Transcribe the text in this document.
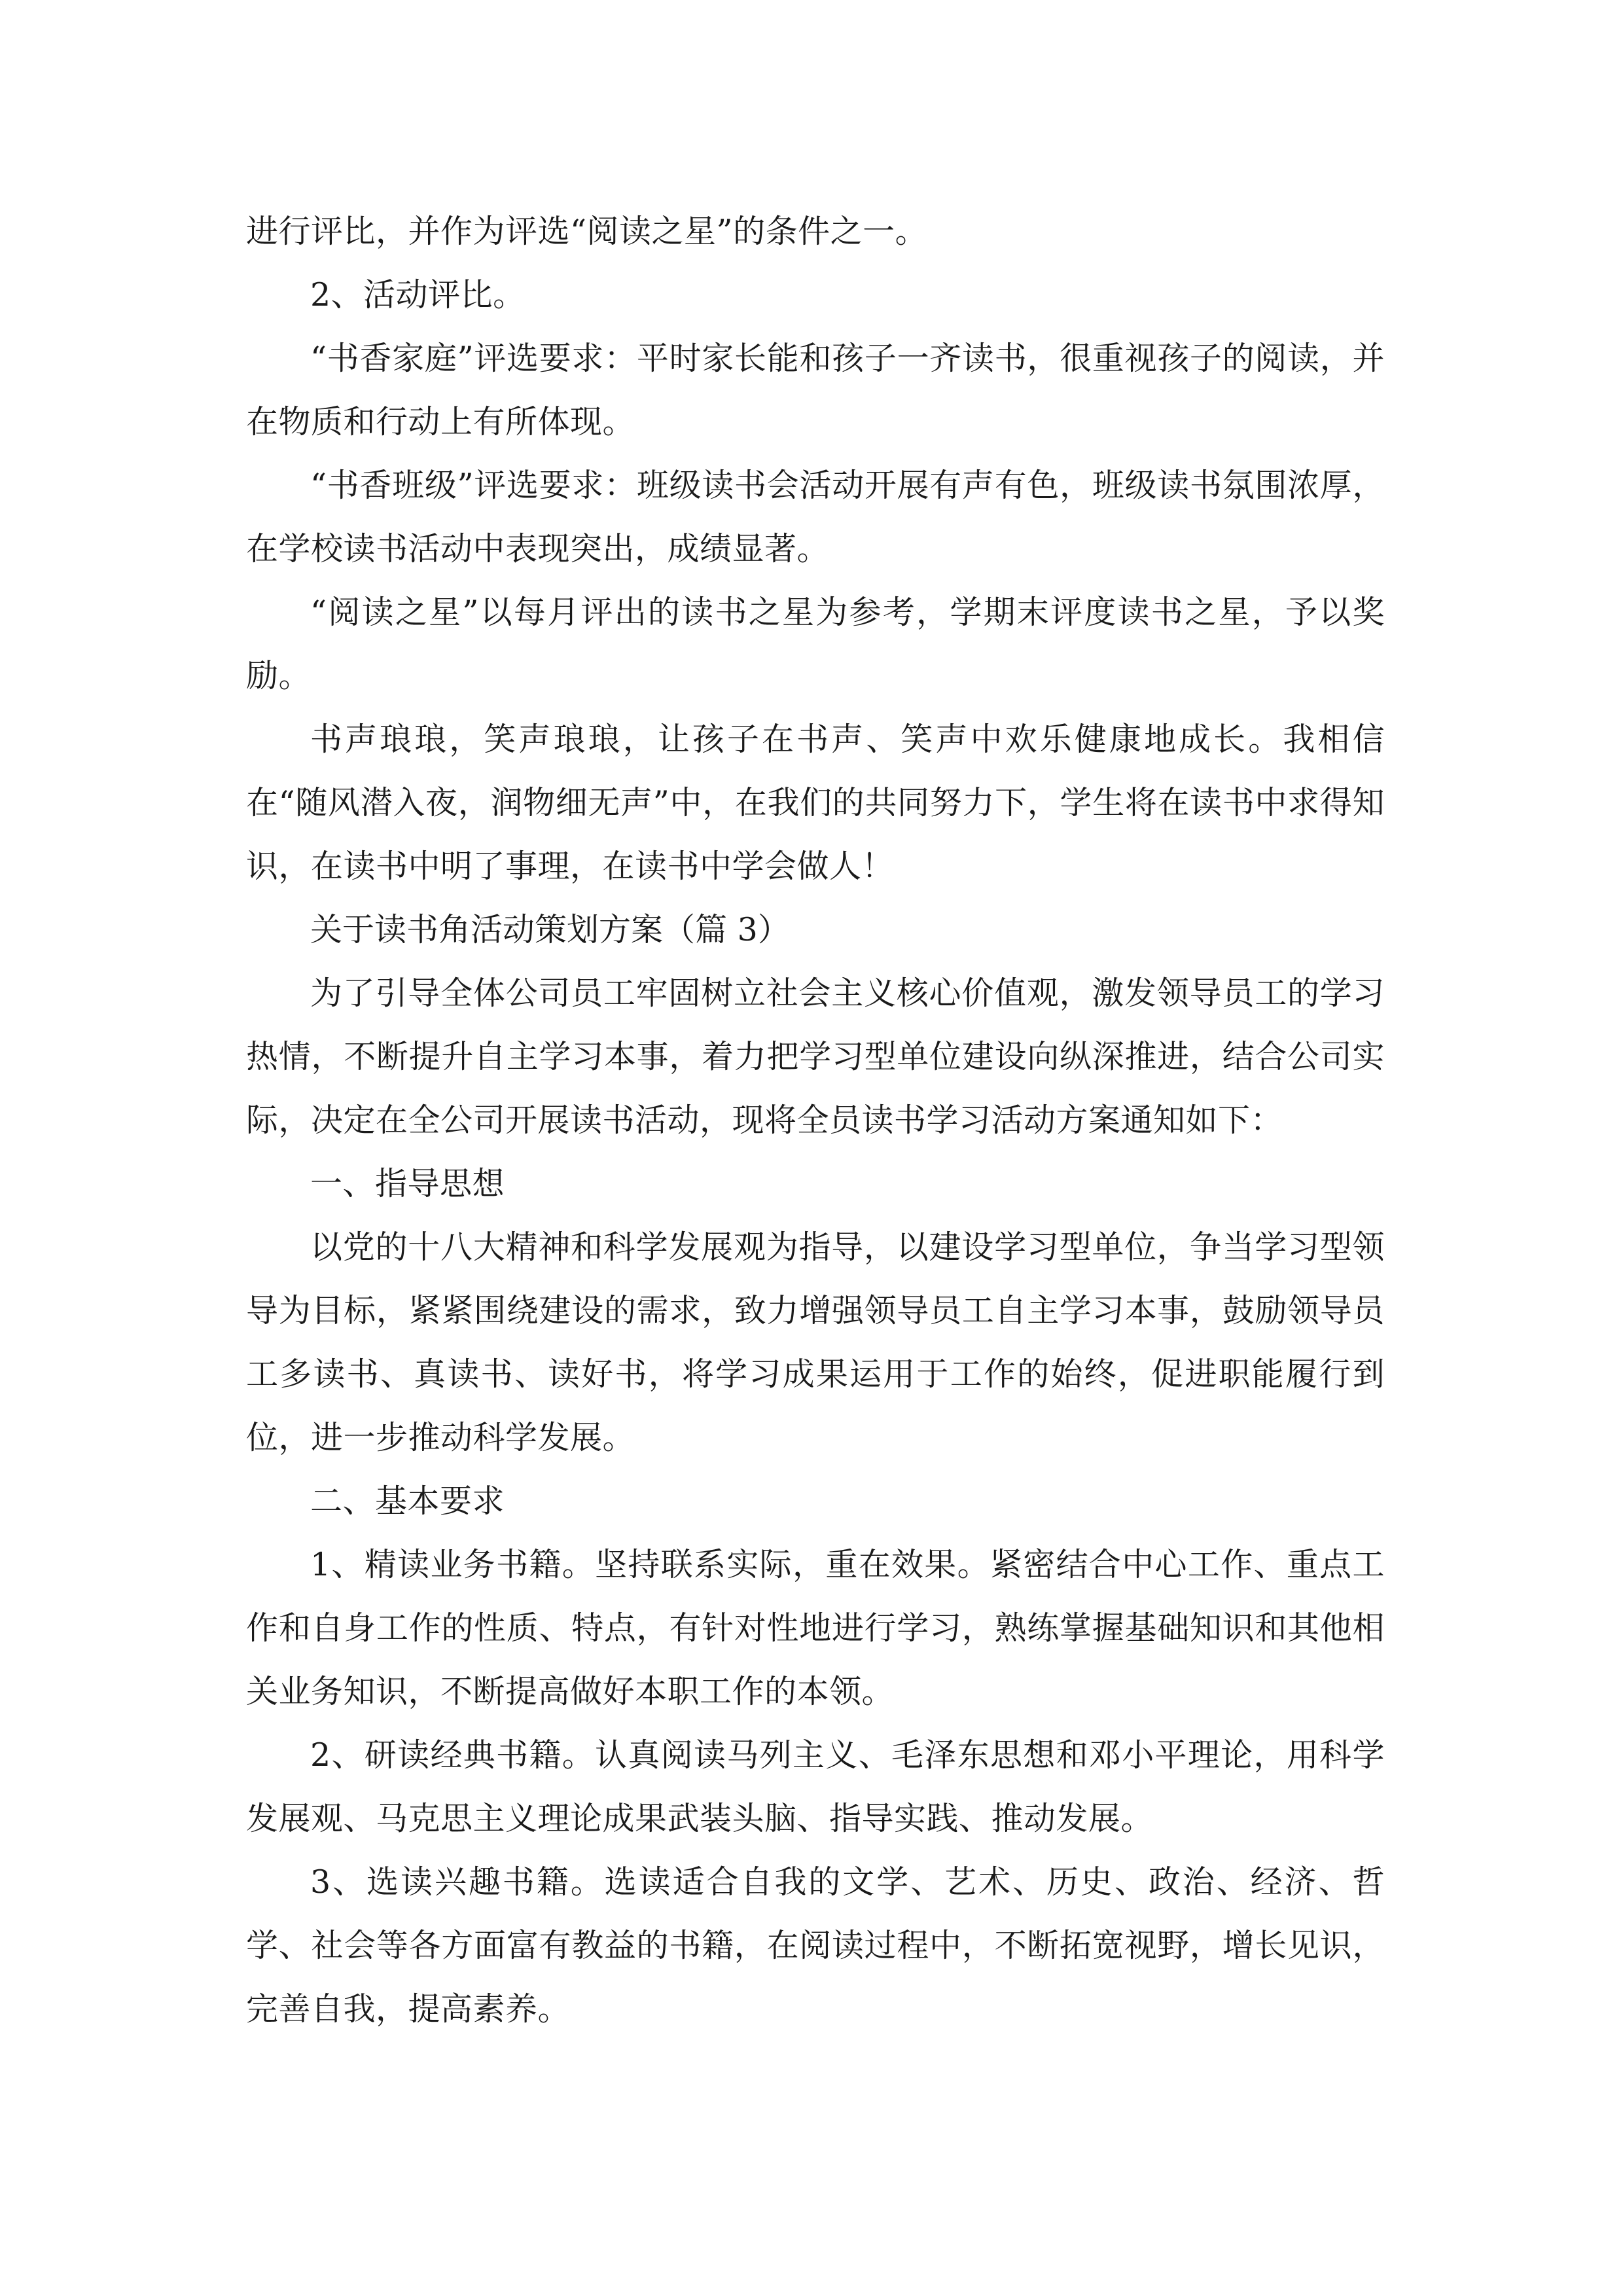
进行评比，并作为评选“阅读之星”的条件之一。

2、活动评比。

“书香家庭”评选要求：平时家长能和孩子一齐读书，很重视孩子的阅读，并在物质和行动上有所体现。

“书香班级”评选要求：班级读书会活动开展有声有色，班级读书氛围浓厚，在学校读书活动中表现突出，成绩显著。

“阅读之星”以每月评出的读书之星为参考，学期末评度读书之星，予以奖励。

书声琅琅，笑声琅琅，让孩子在书声、笑声中欢乐健康地成长。我相信在“随风潜入夜，润物细无声”中，在我们的共同努力下，学生将在读书中求得知识，在读书中明了事理，在读书中学会做人！

关于读书角活动策划方案（篇 3）

为了引导全体公司员工牢固树立社会主义核心价值观，激发领导员工的学习热情，不断提升自主学习本事，着力把学习型单位建设向纵深推进，结合公司实际，决定在全公司开展读书活动，现将全员读书学习活动方案通知如下：

一、指导思想

以党的十八大精神和科学发展观为指导，以建设学习型单位，争当学习型领导为目标，紧紧围绕建设的需求，致力增强领导员工自主学习本事，鼓励领导员工多读书、真读书、读好书，将学习成果运用于工作的始终，促进职能履行到位，进一步推动科学发展。

二、基本要求

1、精读业务书籍。坚持联系实际，重在效果。紧密结合中心工作、重点工作和自身工作的性质、特点，有针对性地进行学习，熟练掌握基础知识和其他相关业务知识，不断提高做好本职工作的本领。

2、研读经典书籍。认真阅读马列主义、毛泽东思想和邓小平理论，用科学发展观、马克思主义理论成果武装头脑、指导实践、推动发展。

3、选读兴趣书籍。选读适合自我的文学、艺术、历史、政治、经济、哲学、社会等各方面富有教益的书籍，在阅读过程中，不断拓宽视野，增长见识，完善自我，提高素养。
